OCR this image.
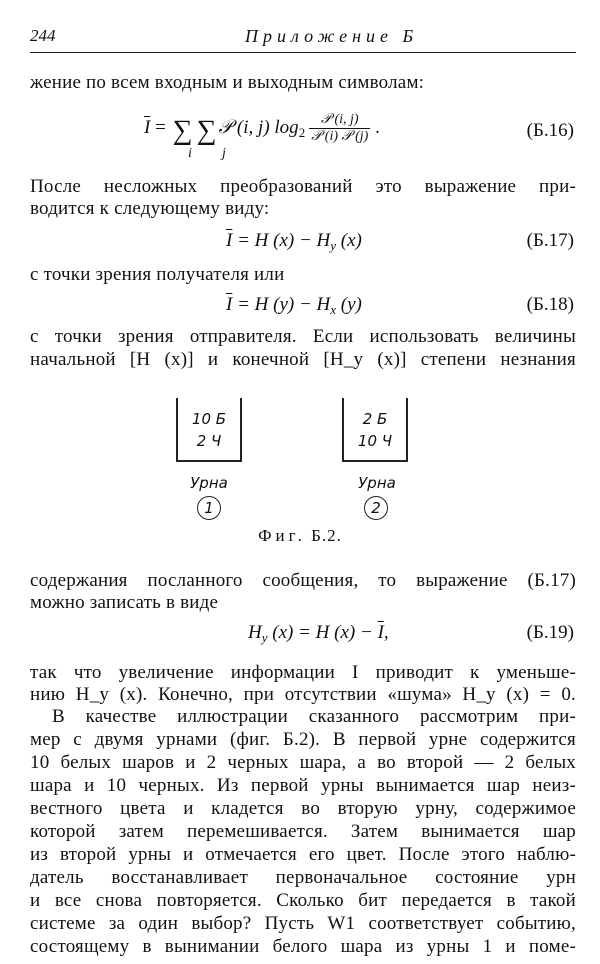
244	Приложение Б
жение по всем входным и выходным символам:
$\overline{I}$ = ∑ ∑ 𝒫 (i, j) $\log_2 \frac{\text{𝒫 (i, j)}}{\text{𝒫 (i) 𝒫 (j)}}$ .
i j
(Б.16)
После несложных преобразований это выражение при-
водится к следующему виду:
$\overline{I} = H$ $(x) - H_y$ (x)	(Б.17)
с точки зрения получателя или
$\overline{I} = H$ $(y) - H_x$ (y)	(Б.18)
с точки зрения отправителя. Если использовать величины
начальной [H (x)] и конечной [H_y (x)] степени незнания
10 Б
2 Ч
Урна
1
2 Б
10 Ч
Урна
2
Фиг. Б.2.
содержания посланного сообщения, то выражение (Б.17)
можно записать в виде
$H_y$ (x) = H $(x) - \overline{I}$,	(Б.19)
так что увеличение информации I приводит к уменьше-
нию H_y (x). Конечно, при отсутствии «шума» H_y (x) = 0.
В качестве иллюстрации сказанного рассмотрим при-
мер с двумя урнами (фиг. Б.2). В первой урне содержится
10 белых шаров и 2 черных шара, а во второй — 2 белых
шара и 10 черных. Из первой урны вынимается шар неиз-
вестного цвета и кладется во вторую урну, содержимое
которой затем перемешивается. Затем вынимается шар
из второй урны и отмечается его цвет. После этого наблю-
датель восстанавливает первоначальное состояние урн
и все снова повторяется. Сколько бит передается в такой
системе за один выбор? Пусть W1 соответствует событию,
состоящему в вынимании белого шара из урны 1 и поме-
